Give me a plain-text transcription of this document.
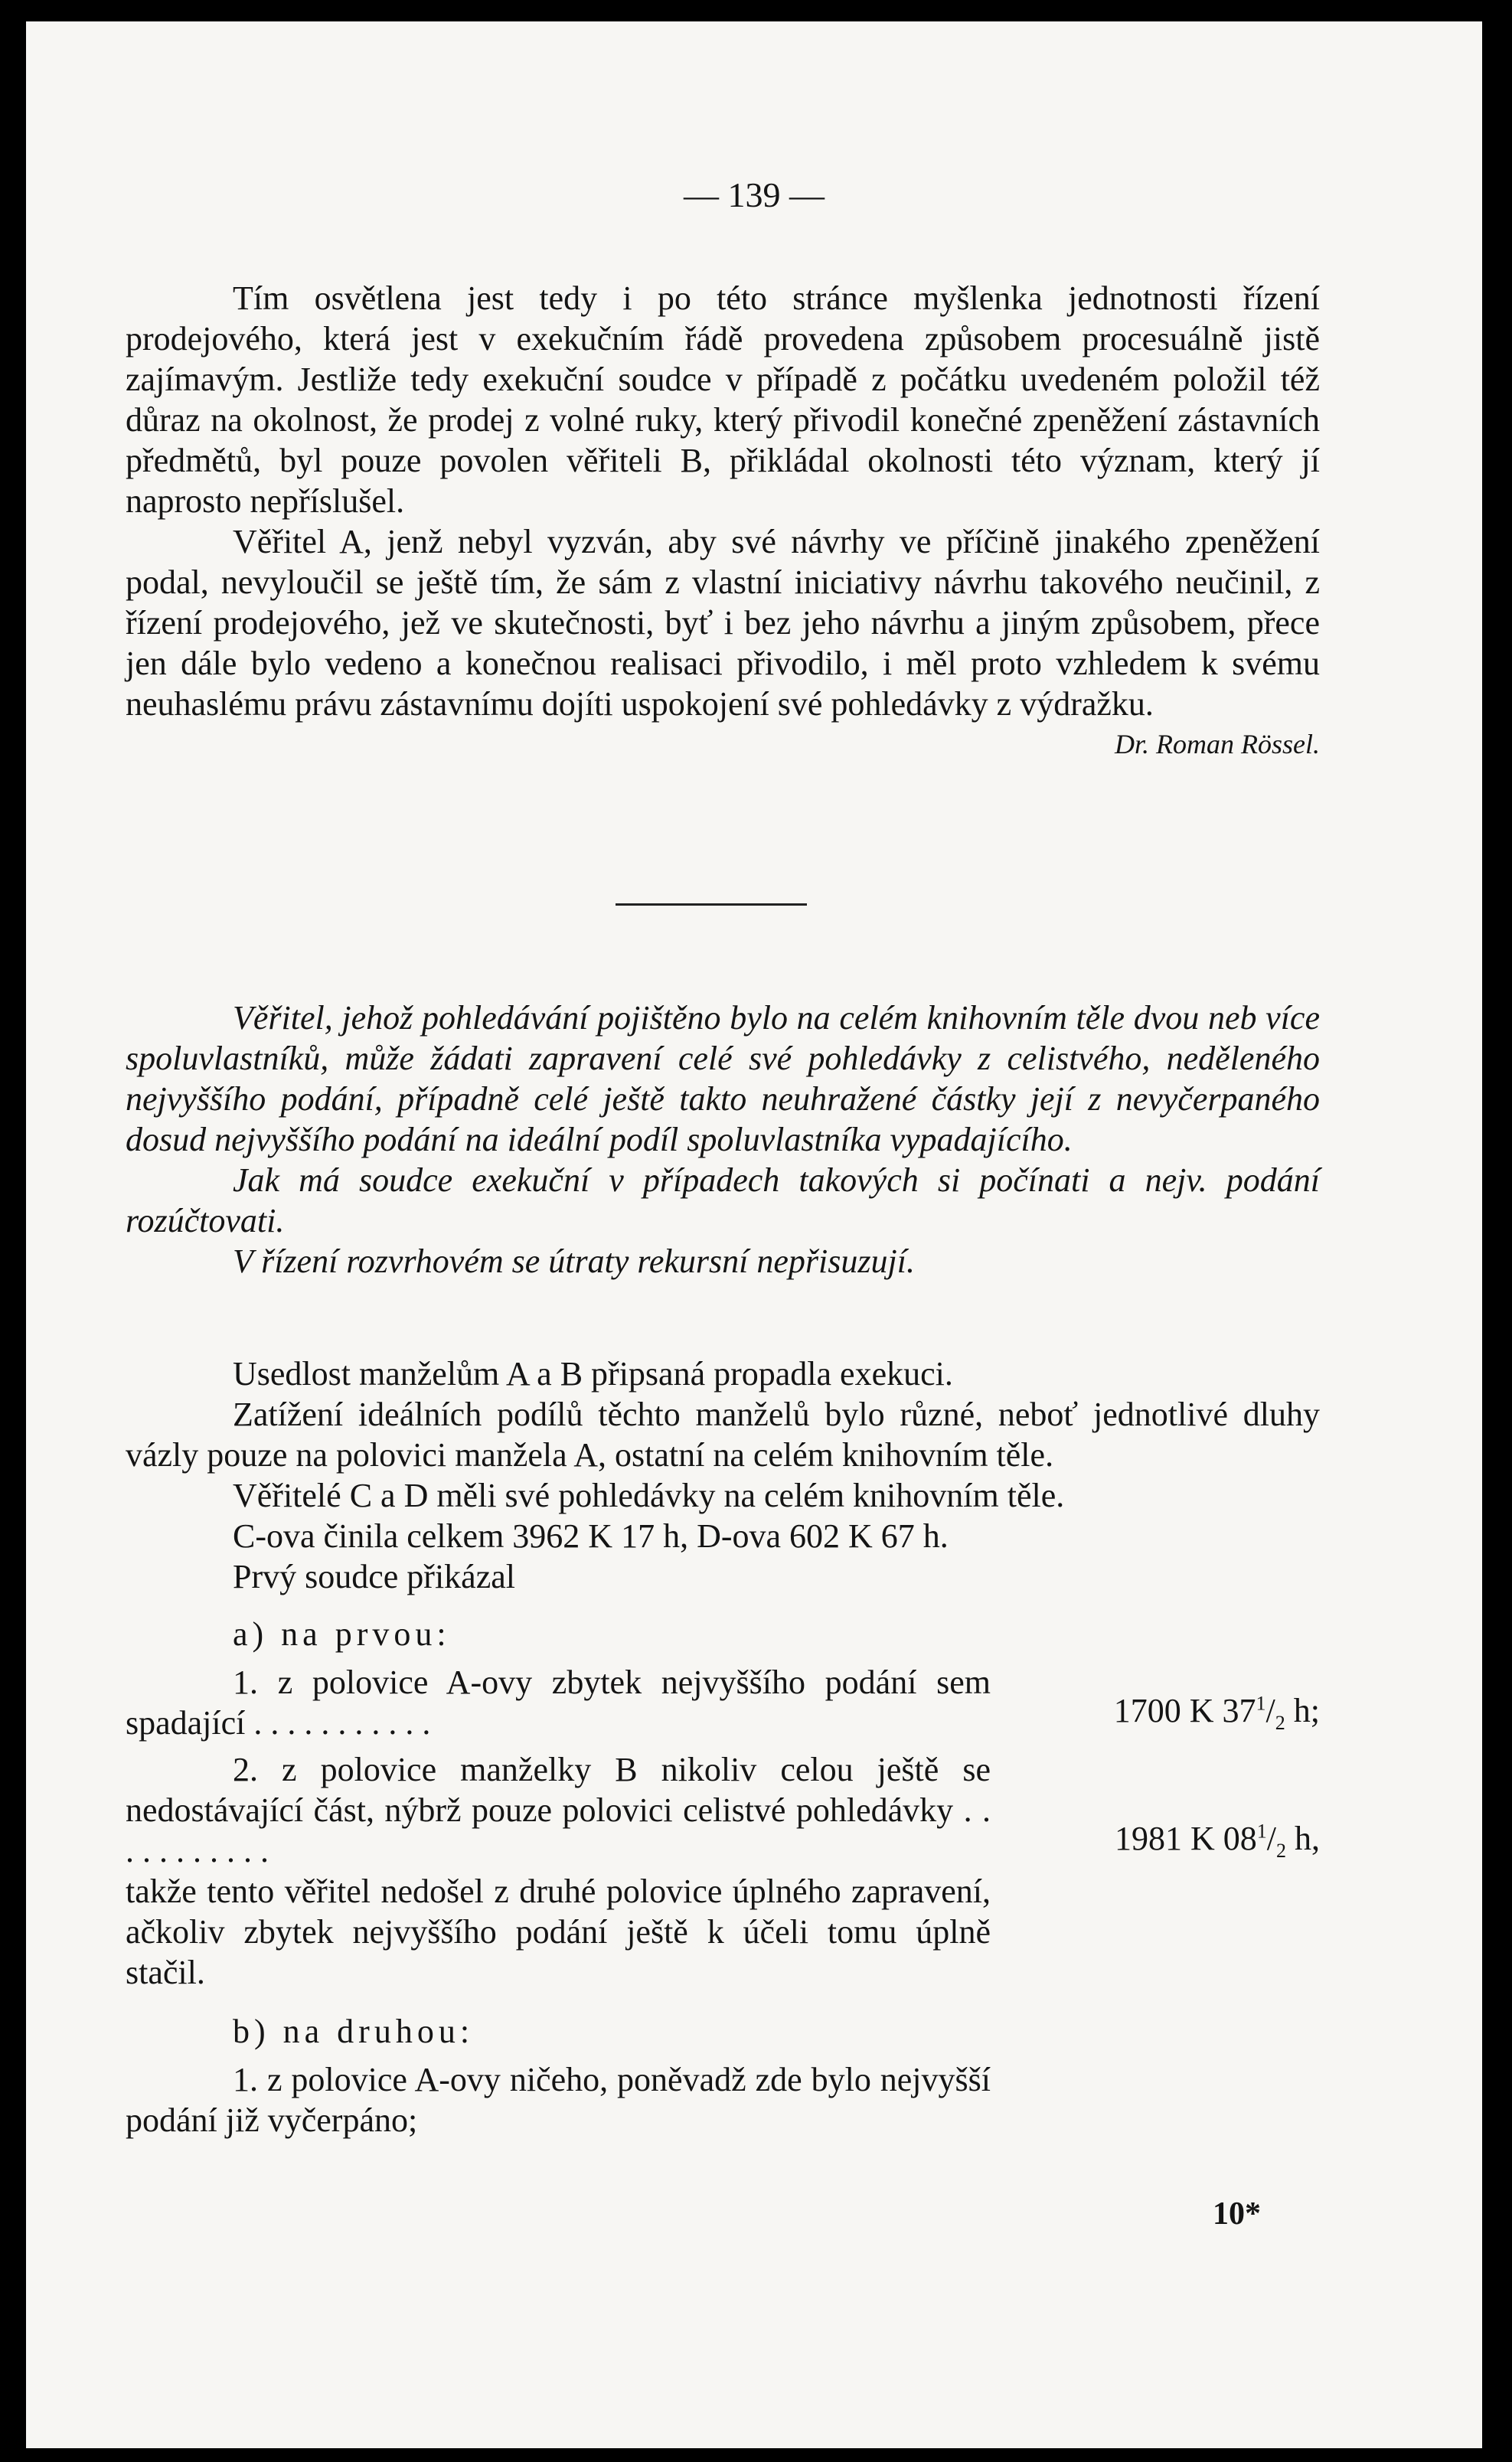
— 139 —

Tím osvětlena jest tedy i po této stránce myšlenka jednotnosti řízení prodejového, která jest v exekučním řádě provedena způsobem procesuálně jistě zajímavým. Jestliže tedy exekuční soudce v případě z počátku uvedeném položil též důraz na okolnost, že prodej z volné ruky, který přivodil konečné zpeněžení zástavních předmětů, byl pouze povolen věřiteli B, přikládal okolnosti této význam, který jí naprosto nepříslušel.

Věřitel A, jenž nebyl vyzván, aby své návrhy ve příčině jinakého zpeněžení podal, nevyloučil se ještě tím, že sám z vlastní iniciativy návrhu takového neučinil, z řízení prodejového, jež ve skutečnosti, byť i bez jeho návrhu a jiným způsobem, přece jen dále bylo vedeno a konečnou realisaci přivodilo, i měl proto vzhledem k svému neuhaslému právu zástavnímu dojíti uspokojení své pohledávky z výdražku.
Dr. Roman Rössel.

Věřitel, jehož pohledávání pojištěno bylo na celém knihovním těle dvou neb více spoluvlastníků, může žádati zapravení celé své pohledávky z celistvého, neděleného nejvyššího podání, případně celé ještě takto neuhražené částky její z nevyčerpaného dosud nejvyššího podání na ideální podíl spoluvlastníka vypadajícího.

Jak má soudce exekuční v případech takových si počínati a nejv. podání rozúčtovati.

V řízení rozvrhovém se útraty rekursní nepřisuzují.

Usedlost manželům A a B připsaná propadla exekuci.

Zatížení ideálních podílů těchto manželů bylo různé, neboť jednotlivé dluhy vázly pouze na polovici manžela A, ostatní na celém knihovním těle.

Věřitelé C a D měli své pohledávky na celém knihovním těle.

C-ova činila celkem 3962 K 17 h, D-ova 602 K 67 h.

Prvý soudce přikázal

a) na prvou:

1. z polovice A-ovy zbytek nejvyššího podání sem spadající . . . . . . . . . . .	1700 K $37^1/_2$ h;

2. z polovice manželky B nikoliv celou ještě se nedostávající část, nýbrž pouze polovici celistvé pohledávky . . . . . . . . . . .	1981 K $08^1/_2$ h,

takže tento věřitel nedošel z druhé polovice úplného zapravení, ačkoliv zbytek nejvyššího podání ještě k účeli tomu úplně stačil.

b) na druhou:

1. z polovice A-ovy ničeho, poněvadž zde bylo nejvyšší podání již vyčerpáno;

10*
